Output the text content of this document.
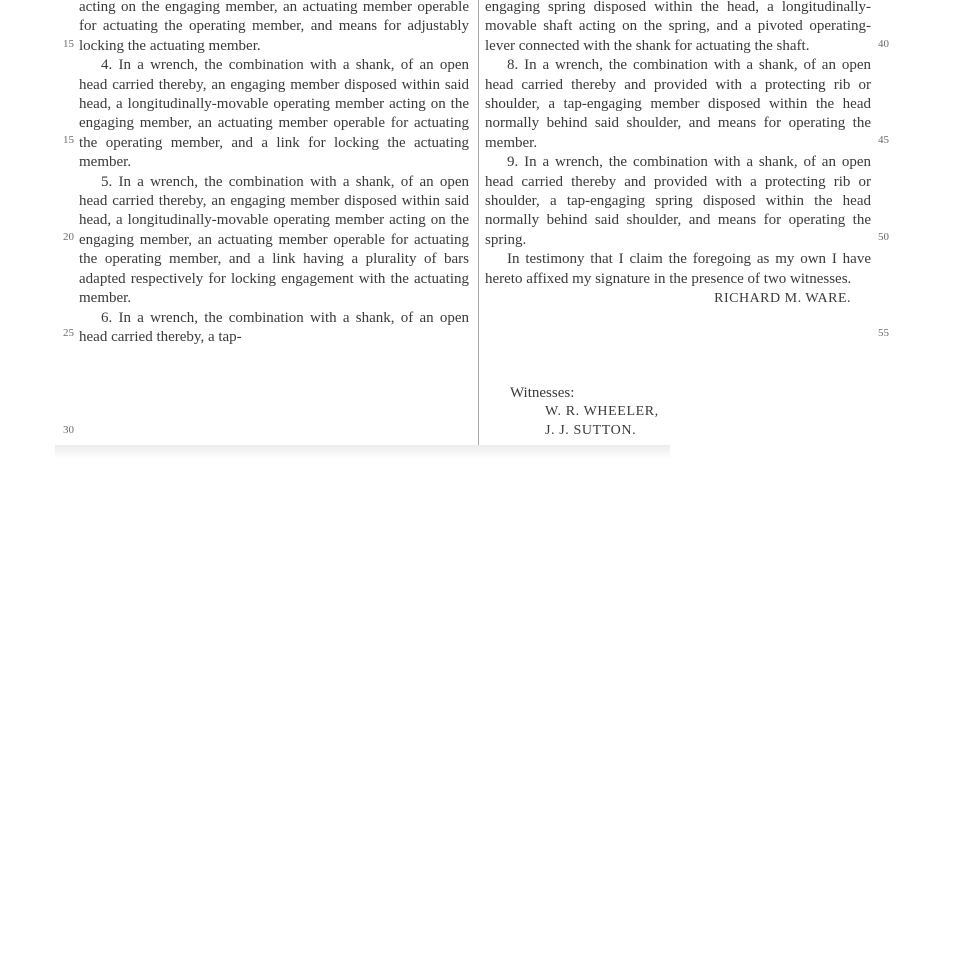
acting on the engaging member, an actuating member operable for actuating the operating member, and means for adjustably locking the actuating member.

4. In a wrench, the combination with a shank, of an open head carried thereby, an engaging member disposed within said head, a longitudinally-movable operating member acting on the engaging member, an actuating member operable for actuating the operating member, and a link for locking the actuating member.

5. In a wrench, the combination with a shank, of an open head carried thereby, an engaging member disposed within said head, a longitudinally-movable operating member acting on the engaging member, an actuating member operable for actuating the operating member, and a link having a plurality of bars adapted respectively for locking engagement with the actuating member.

6. In a wrench, the combination with a shank, of an open head carried thereby, a tap-

engaging spring disposed within the head, a longitudinally-movable shaft acting on the spring, and a pivoted operating-lever connected with the shank for actuating the shaft.

8. In a wrench, the combination with a shank, of an open head carried thereby and provided with a protecting rib or shoulder, a tap-engaging member disposed within the head normally behind said shoulder, and means for operating the member.

9. In a wrench, the combination with a shank, of an open head carried thereby and provided with a protecting rib or shoulder, a tap-engaging spring disposed within the head normally behind said shoulder, and means for operating the spring.

In testimony that I claim the foregoing as my own I have hereto affixed my signature in the presence of two witnesses.

RICHARD M. WARE.

Witnesses:
W. R. WHEELER,
J. J. SUTTON.
15
15
20
25
30
40
45
50
55
